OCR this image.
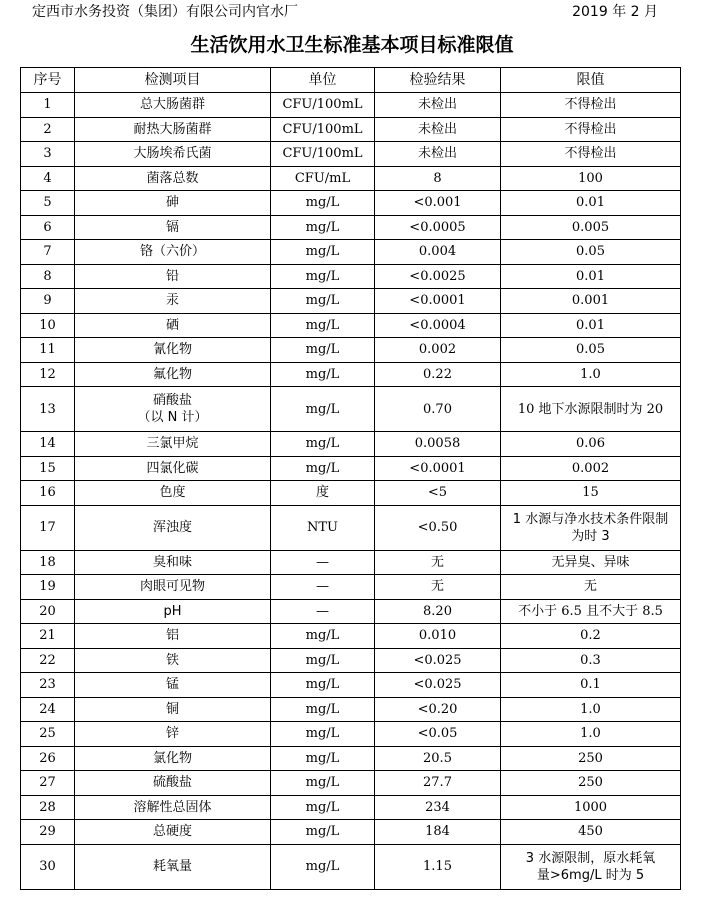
定西市水务投资（集团）有限公司内官水厂	2019 年 2 月
生活饮用水卫生标准基本项目标准限值
序号	检测项目	单位	检验结果	限值
1	总大肠菌群	CFU/100mL	未检出	不得检出
2	耐热大肠菌群	CFU/100mL	未检出	不得检出
3	大肠埃希氏菌	CFU/100mL	未检出	不得检出
4	菌落总数	CFU/mL	8	100
5	砷	mg/L	<0.001	0.01
6	镉	mg/L	<0.0005	0.005
7	铬（六价）	mg/L	0.004	0.05
8	铅	mg/L	<0.0025	0.01
9	汞	mg/L	<0.0001	0.001
10	硒	mg/L	<0.0004	0.01
11	氰化物	mg/L	0.002	0.05
12	氟化物	mg/L	0.22	1.0
13	硝酸盐
（以 N 计）	mg/L	0.70	10 地下水源限制时为 20
14	三氯甲烷	mg/L	0.0058	0.06
15	四氯化碳	mg/L	<0.0001	0.002
16	色度	度	<5	15
17	浑浊度	NTU	<0.50	1 水源与净水技术条件限制
为时 3

18	臭和味	—	无	无异臭、异味
19	肉眼可见物	—	无	无
20	pH	—	8.20	不小于 6.5 且不大于 8.5
21	铝	mg/L	0.010	0.2
22	铁	mg/L	<0.025	0.3
23	锰	mg/L	<0.025	0.1
24	铜	mg/L	<0.20	1.0
25	锌	mg/L	<0.05	1.0
26	氯化物	mg/L	20.5	250
27	硫酸盐	mg/L	27.7	250
28	溶解性总固体	mg/L	234	1000
29	总硬度	mg/L	184	450
30	耗氧量	mg/L	1.15	3 水源限制，原水耗氧
量>6mg/L 时为 5
